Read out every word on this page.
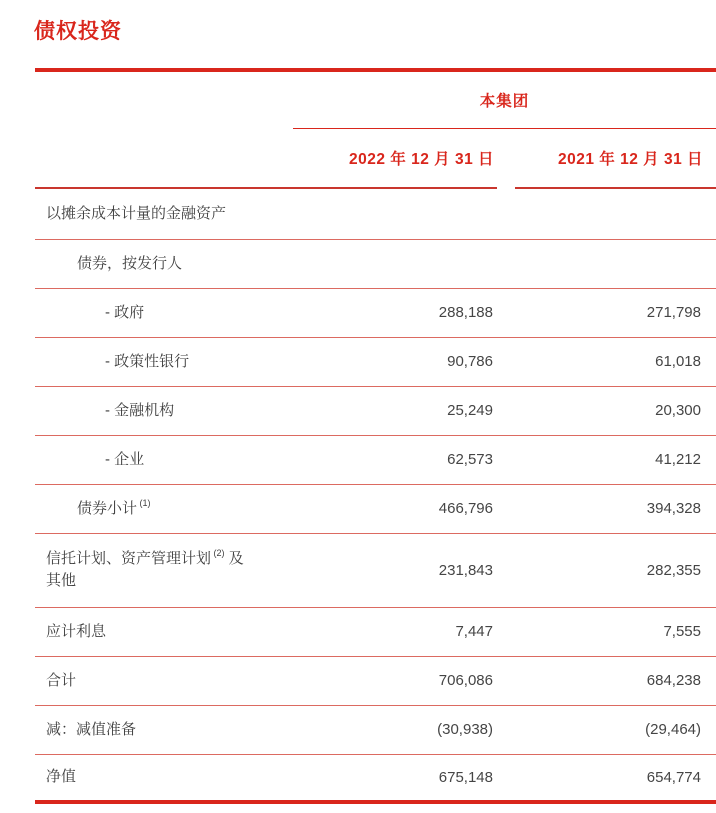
债权投资
本集团
2022 年 12 月 31 日	2021 年 12 月 31 日
以摊余成本计量的金融资产
债券，按发行人
- 政府	288,188	271,798
- 政策性银行	90,786	61,018
- 金融机构	25,249	20,300
- 企业	62,573	41,212
债券小计 $^{(1)}$	466,796	394,328
信托计划、资产管理计划 $^{(2)}$ 及
其他
231,843	282,355
应计利息	7,447	7,555
合计	706,086	684,238
减：减值准备	(30,938)	(29,464)
净值	675,148	654,774
